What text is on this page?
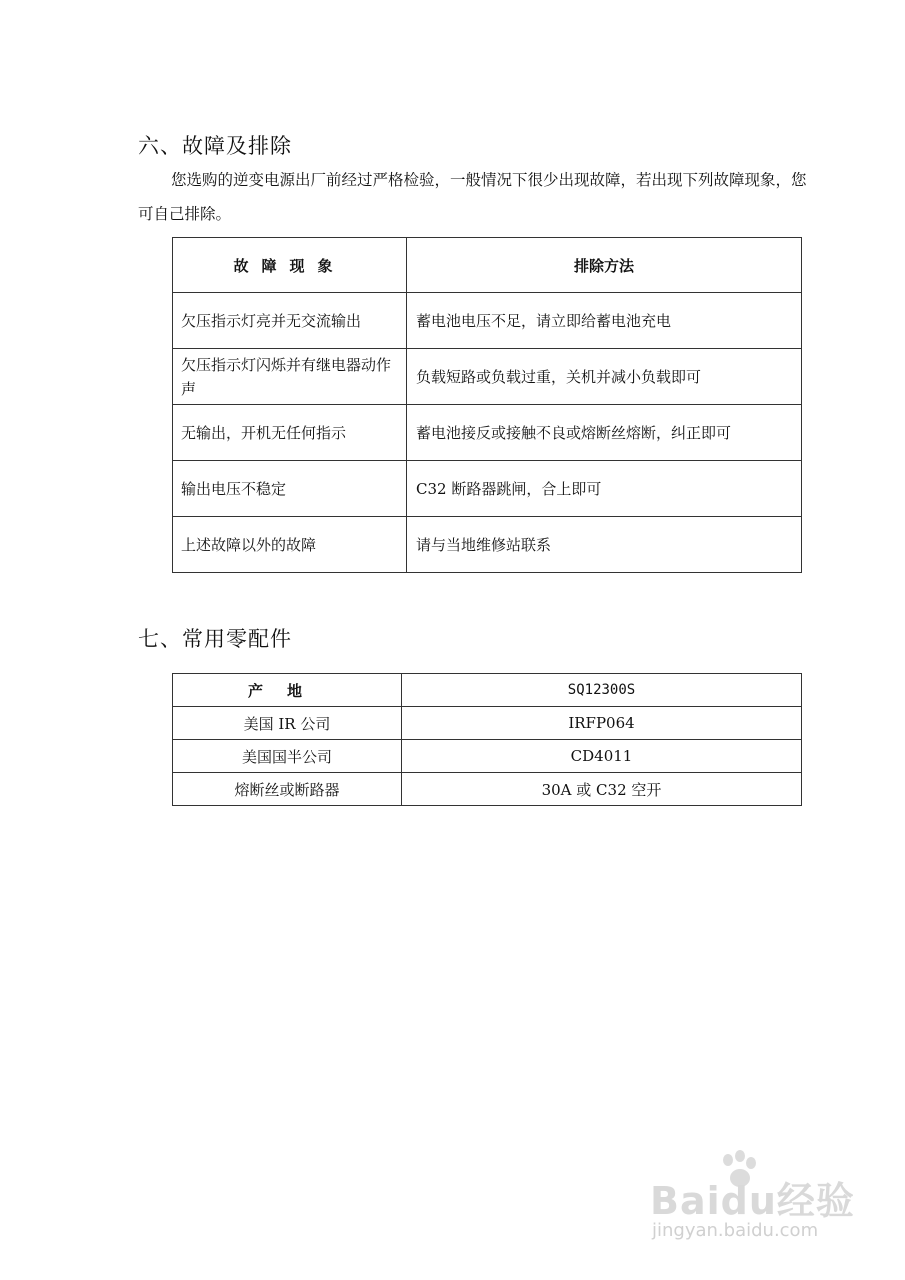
六、故障及排除

您选购的逆变电源出厂前经过严格检验，一般情况下很少出现故障，若出现下列故障现象，您可自己排除。

故障现象	排除方法
欠压指示灯亮并无交流输出	蓄电池电压不足，请立即给蓄电池充电
欠压指示灯闪烁并有继电器动作声	负载短路或负载过重，关机并减小负载即可
无输出，开机无任何指示	蓄电池接反或接触不良或熔断丝熔断，纠正即可
输出电压不稳定	C32 断路器跳闸，合上即可
上述故障以外的故障	请与当地维修站联系
七、常用零配件
产地	SQ12300S
美国 IR 公司	IRFP064
美国国半公司	CD4011
熔断丝或断路器	30A 或 C32 空开
Baidu经验
jingyan.baidu.com
